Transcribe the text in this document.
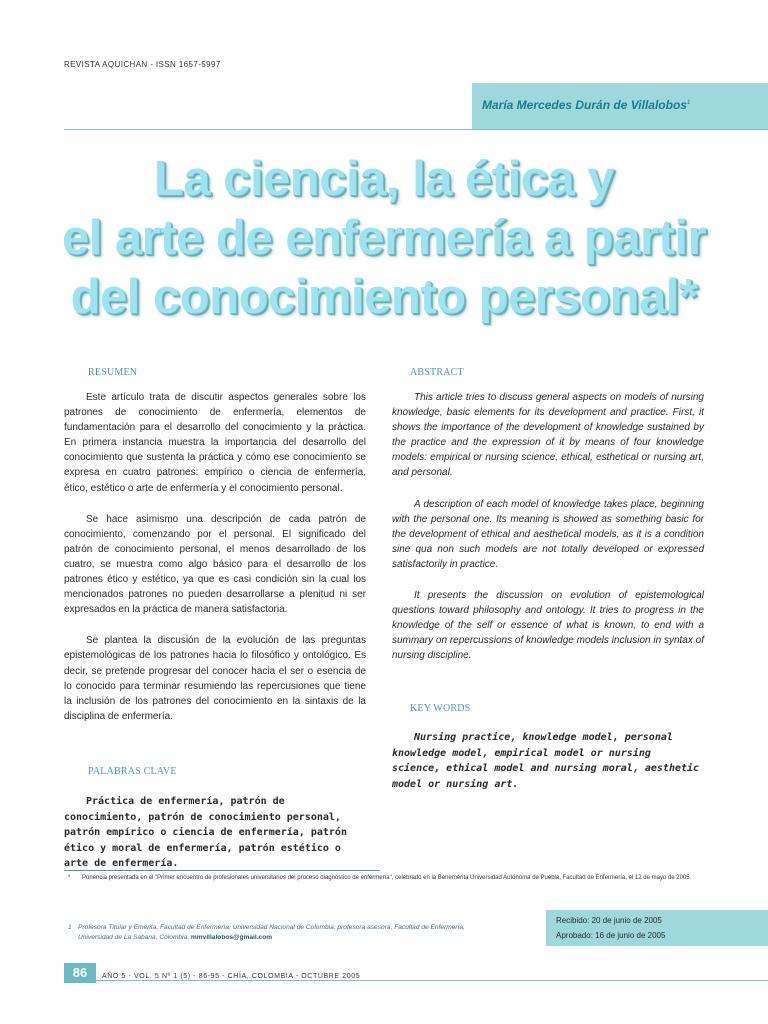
REVISTA AQUICHAN - ISSN 1657-5997
María Mercedes Durán de Villalobos$^1$
La ciencia, la ética y
el arte de enfermería a partir
del conocimiento personal*
RESUMEN

Este artículo trata de discutir aspectos generales sobre los patrones de conocimiento de enfermería, elementos de fundamentación para el desarrollo del conocimiento y la práctica. En primera instancia muestra la importancia del desarrollo del conocimiento que sustenta la práctica y cómo ese conocimiento se expresa en cuatro patrones: empírico o ciencia de enfermería, ético, estético o arte de enfermería y el conocimiento personal.

Se hace asimismo una descripción de cada patrón de conocimiento, comenzando por el personal. El significado del patrón de conocimiento personal, el menos desarrollado de los cuatro, se muestra como algo básico para el desarrollo de los patrones ético y estético, ya que es casi condición sin la cual los mencionados patrones no pueden desarrollarse a plenitud ni ser expresados en la práctica de manera satisfactoria.

Se plantea la discusión de la evolución de las preguntas epistemológicas de los patrones hacia lo filosófico y ontológico. Es decir, se pretende progresar del conocer hacia el ser o esencia de lo conocido para terminar resumiendo las repercusiones que tiene la inclusión de los patrones del conocimiento en la sintaxis de la disciplina de enfermería.

PALABRAS CLAVE
Práctica de enfermería, patrón de conocimiento, patrón de conocimiento personal, patrón empírico o ciencia de enfermería, patrón ético y moral de enfermería, patrón estético o arte de enfermería.
ABSTRACT

This article tries to discuss general aspects on models of nursing knowledge, basic elements for its development and practice. First, it shows the importance of the development of knowledge sustained by the practice and the expression of it by means of four knowledge models: empirical or nursing science, ethical, esthetical or nursing art, and personal.

A description of each model of knowledge takes place, beginning with the personal one. Its meaning is showed as something basic for the development of ethical and aesthetical models, as it is a condition sine qua non such models are not totally developed or expressed satisfactorily in practice.

It presents the discussion on evolution of epistemological questions toward philosophy and ontology. It tries to progress in the knowledge of the self or essence of what is known, to end with a summary on repercussions of knowledge models inclusion in syntax of nursing discipline.

KEY WORDS
Nursing practice, knowledge model, personal knowledge model, empirical model or nursing science, ethical model and nursing moral, aesthetic model or nursing art.
* Ponencia presentada en el "Primer encuentro de profesionales universitarios del proceso diagnóstico de enfermería", celebrado en la Benemérita Universidad Autónoma de Puebla, Facultad de Enfermería, el 12 de mayo de 2005.
1 Profesora Titular y Emérita, Facultad de Enfermería, Universidad Nacional de Colombia; profesora asesora, Facultad de Enfermería, Universidad de La Sabana, Colombia. mmvillalobos@gmail.com
Recibido: 20 de junio de 2005
Aprobado: 16 de junio de 2005
86	AÑO 5 - VOL. 5 Nº 1 (5) - 86-95 - CHÍA, COLOMBIA - OCTUBRE 2005
